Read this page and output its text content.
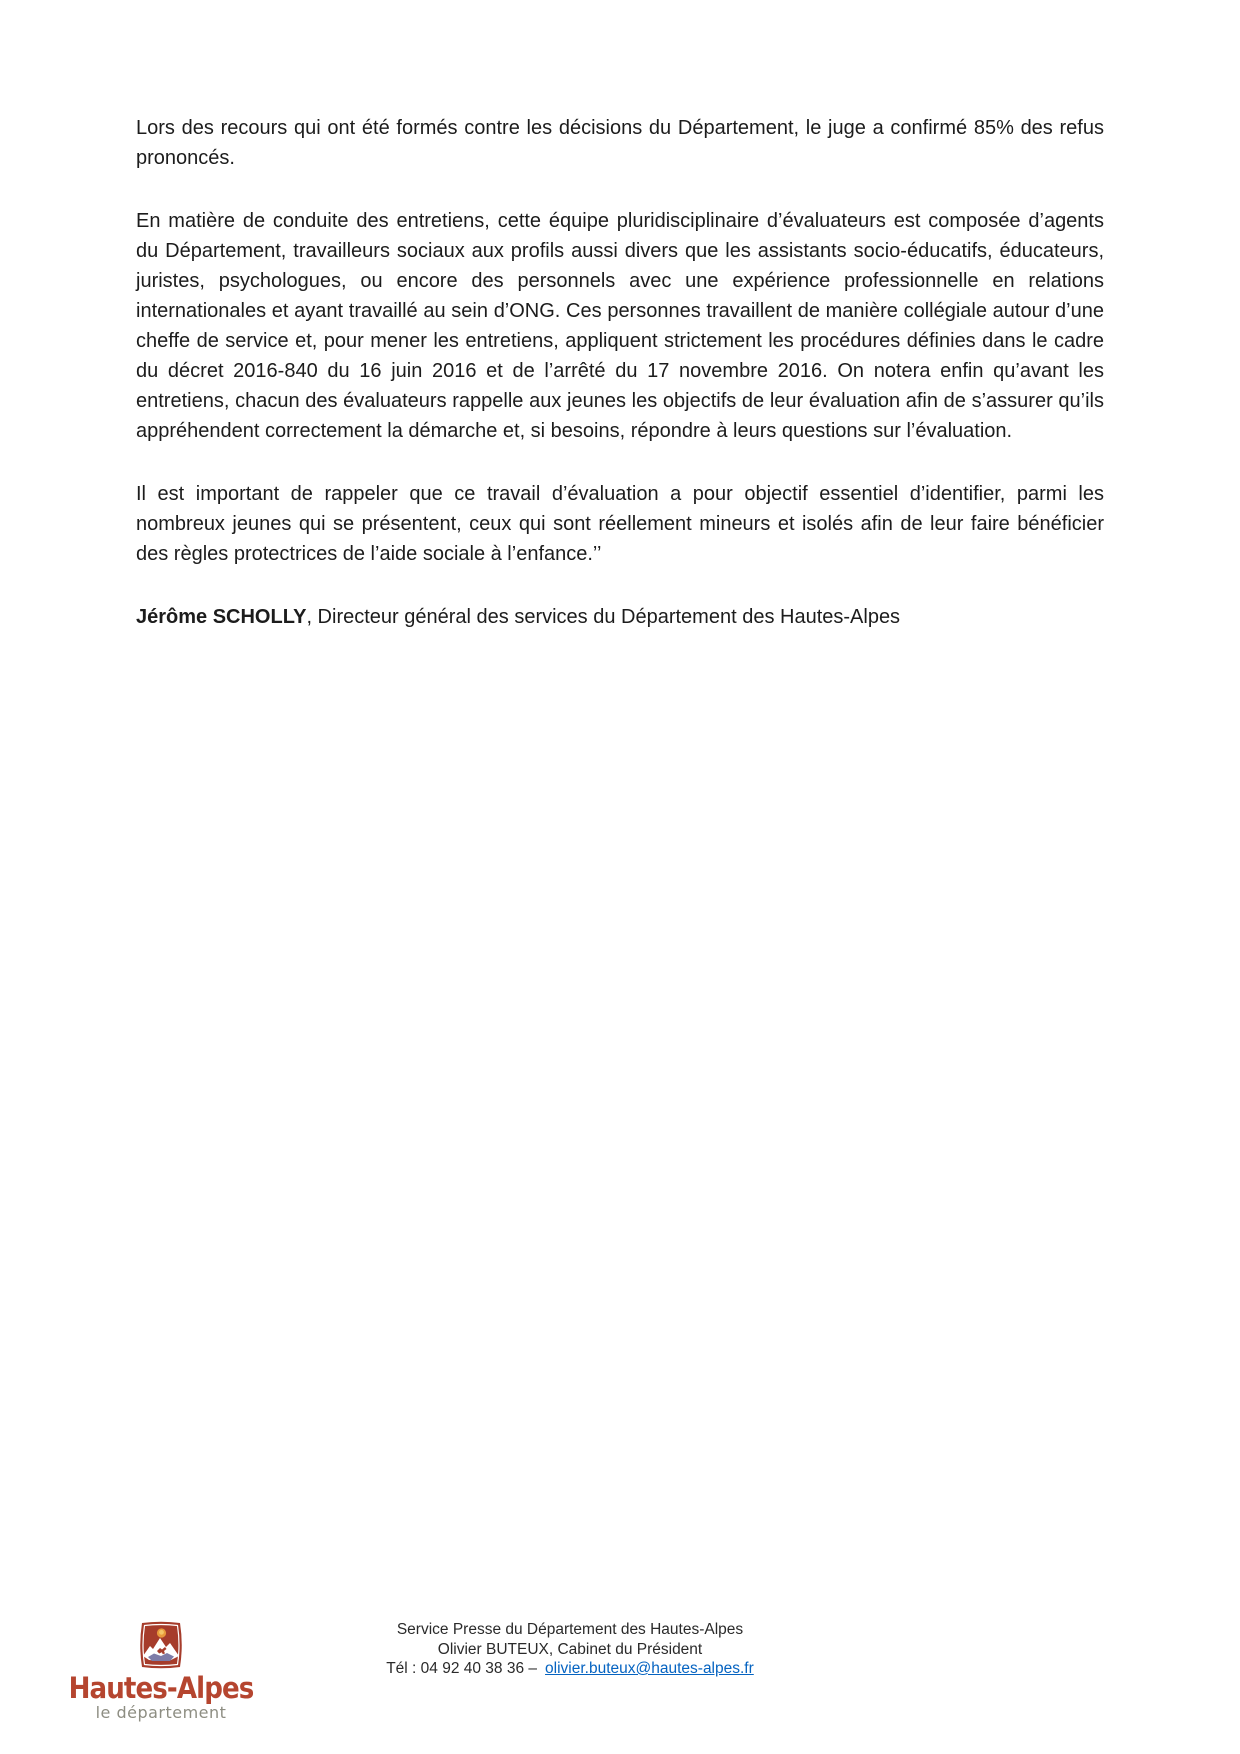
Lors des recours qui ont été formés contre les décisions du Département, le juge a confirmé 85% des refus prononcés.

En matière de conduite des entretiens, cette équipe pluridisciplinaire d’évaluateurs est composée d’agents du Département, travailleurs sociaux aux profils aussi divers que les assistants socio-éducatifs, éducateurs, juristes, psychologues, ou encore des personnels avec une expérience professionnelle en relations internationales et ayant travaillé au sein d’ONG. Ces personnes travaillent de manière collégiale autour d’une cheffe de service et, pour mener les entretiens, appliquent strictement les procédures définies dans le cadre du décret 2016-840 du 16 juin 2016 et de l’arrêté du 17 novembre 2016. On notera enfin qu’avant les entretiens, chacun des évaluateurs rappelle aux jeunes les objectifs de leur évaluation afin de s’assurer qu’ils appréhendent correctement la démarche et, si besoins, répondre à leurs questions sur l’évaluation.

Il est important de rappeler que ce travail d’évaluation a pour objectif essentiel d’identifier, parmi les nombreux jeunes qui se présentent, ceux qui sont réellement mineurs et isolés afin de leur faire bénéficier des règles protectrices de l’aide sociale à l’enfance.’’

Jérôme SCHOLLY, Directeur général des services du Département des Hautes-Alpes

Service Presse du Département des Hautes-Alpes
Olivier BUTEUX, Cabinet du Président
Tél : 04 92 40 38 36 – olivier.buteux@hautes-alpes.fr
Hautes-Alpes
le département
